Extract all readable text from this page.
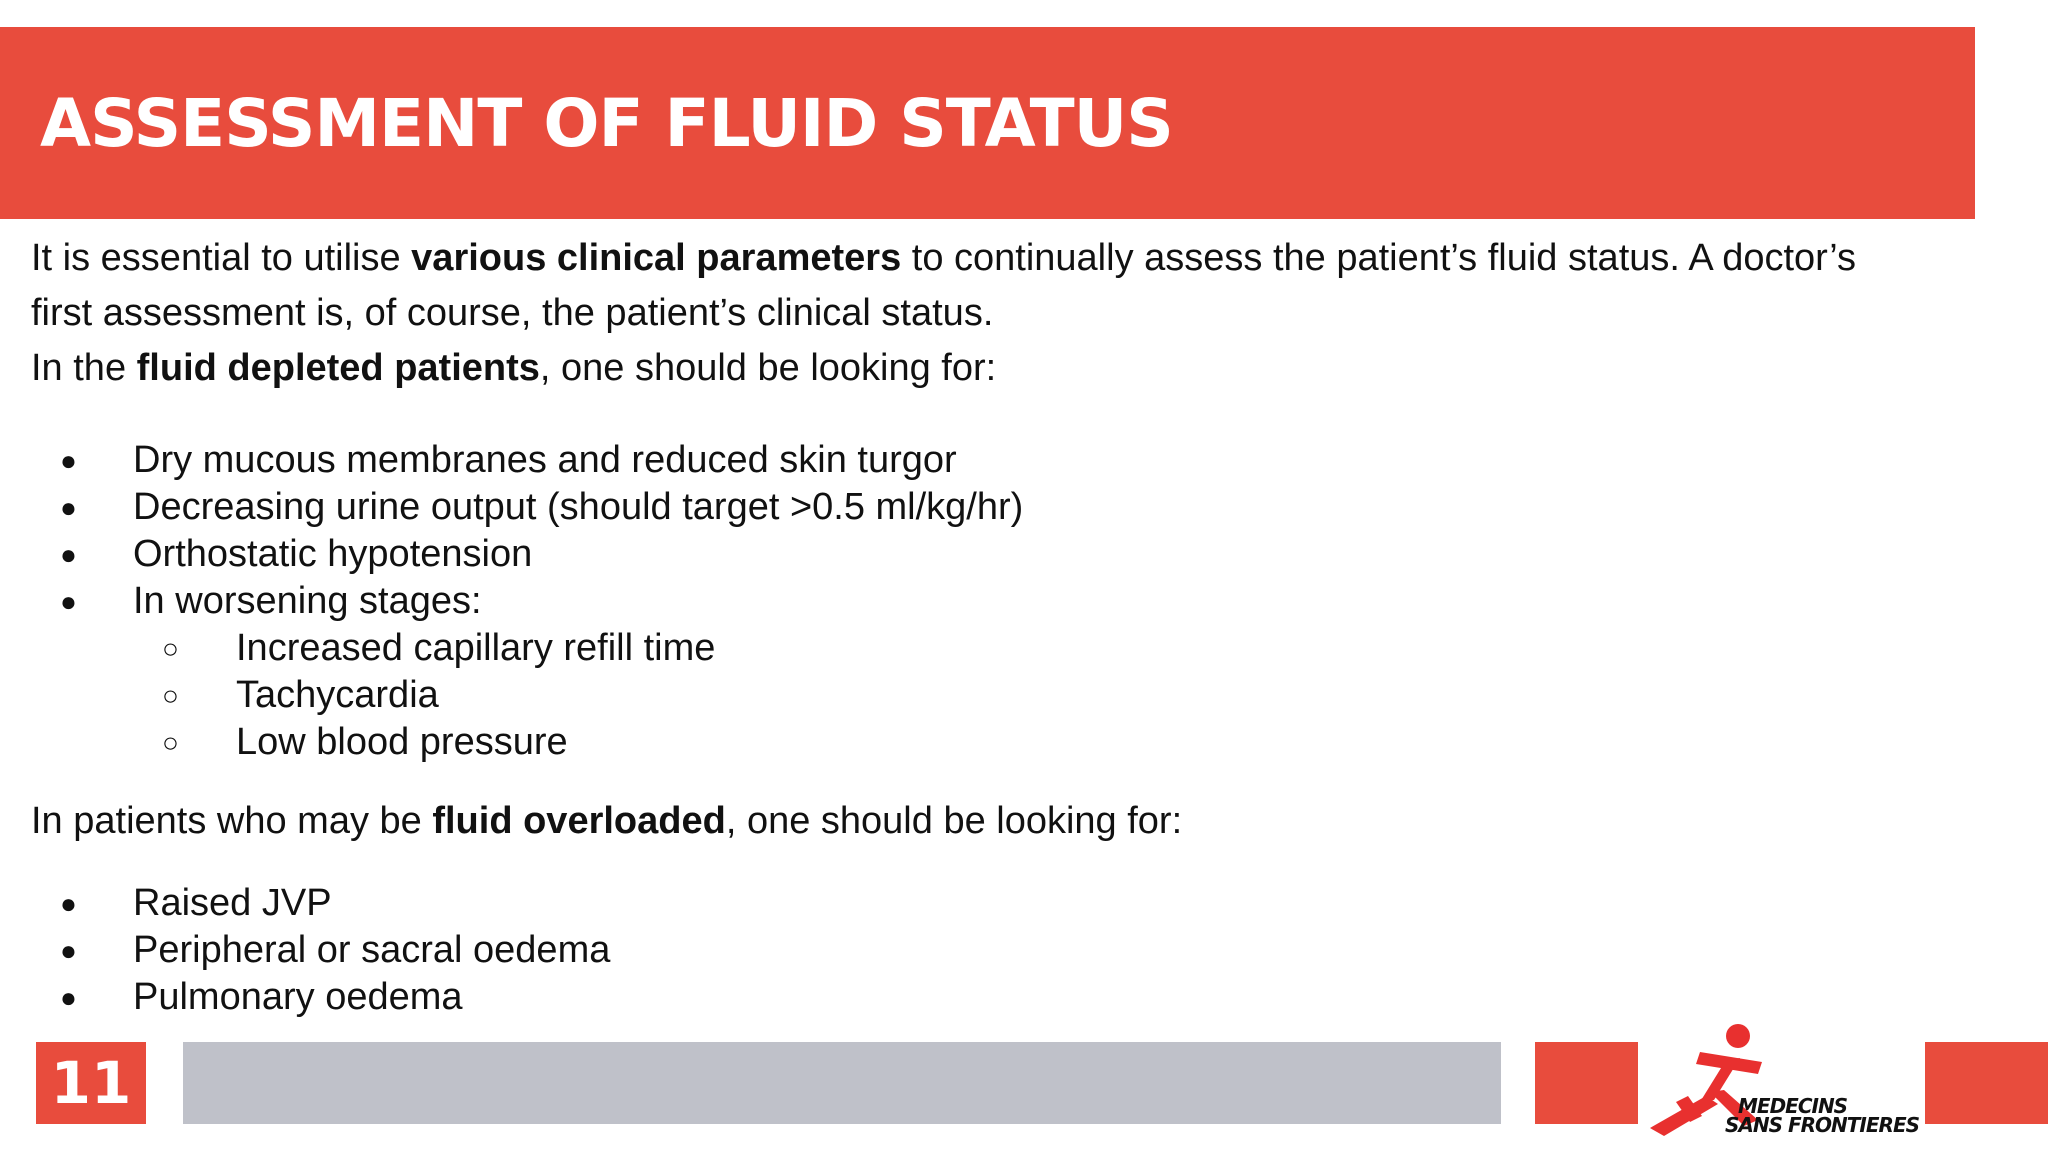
ASSESSMENT OF FLUID STATUS

It is essential to utilise various clinical parameters to continually assess the patient’s fluid status. A doctor’s

first assessment is, of course, the patient’s clinical status.

In the fluid depleted patients, one should be looking for:

● Dry mucous membranes and reduced skin turgor
● Decreasing urine output (should target >0.5 ml/kg/hr)
● Orthostatic hypotension
● In worsening stages:
○ Increased capillary refill time
○ Tachycardia
○ Low blood pressure

In patients who may be fluid overloaded, one should be looking for:

● Raised JVP
● Peripheral or sacral oedema
● Pulmonary oedema
11	MEDECINS
SANS FRONTIERES
